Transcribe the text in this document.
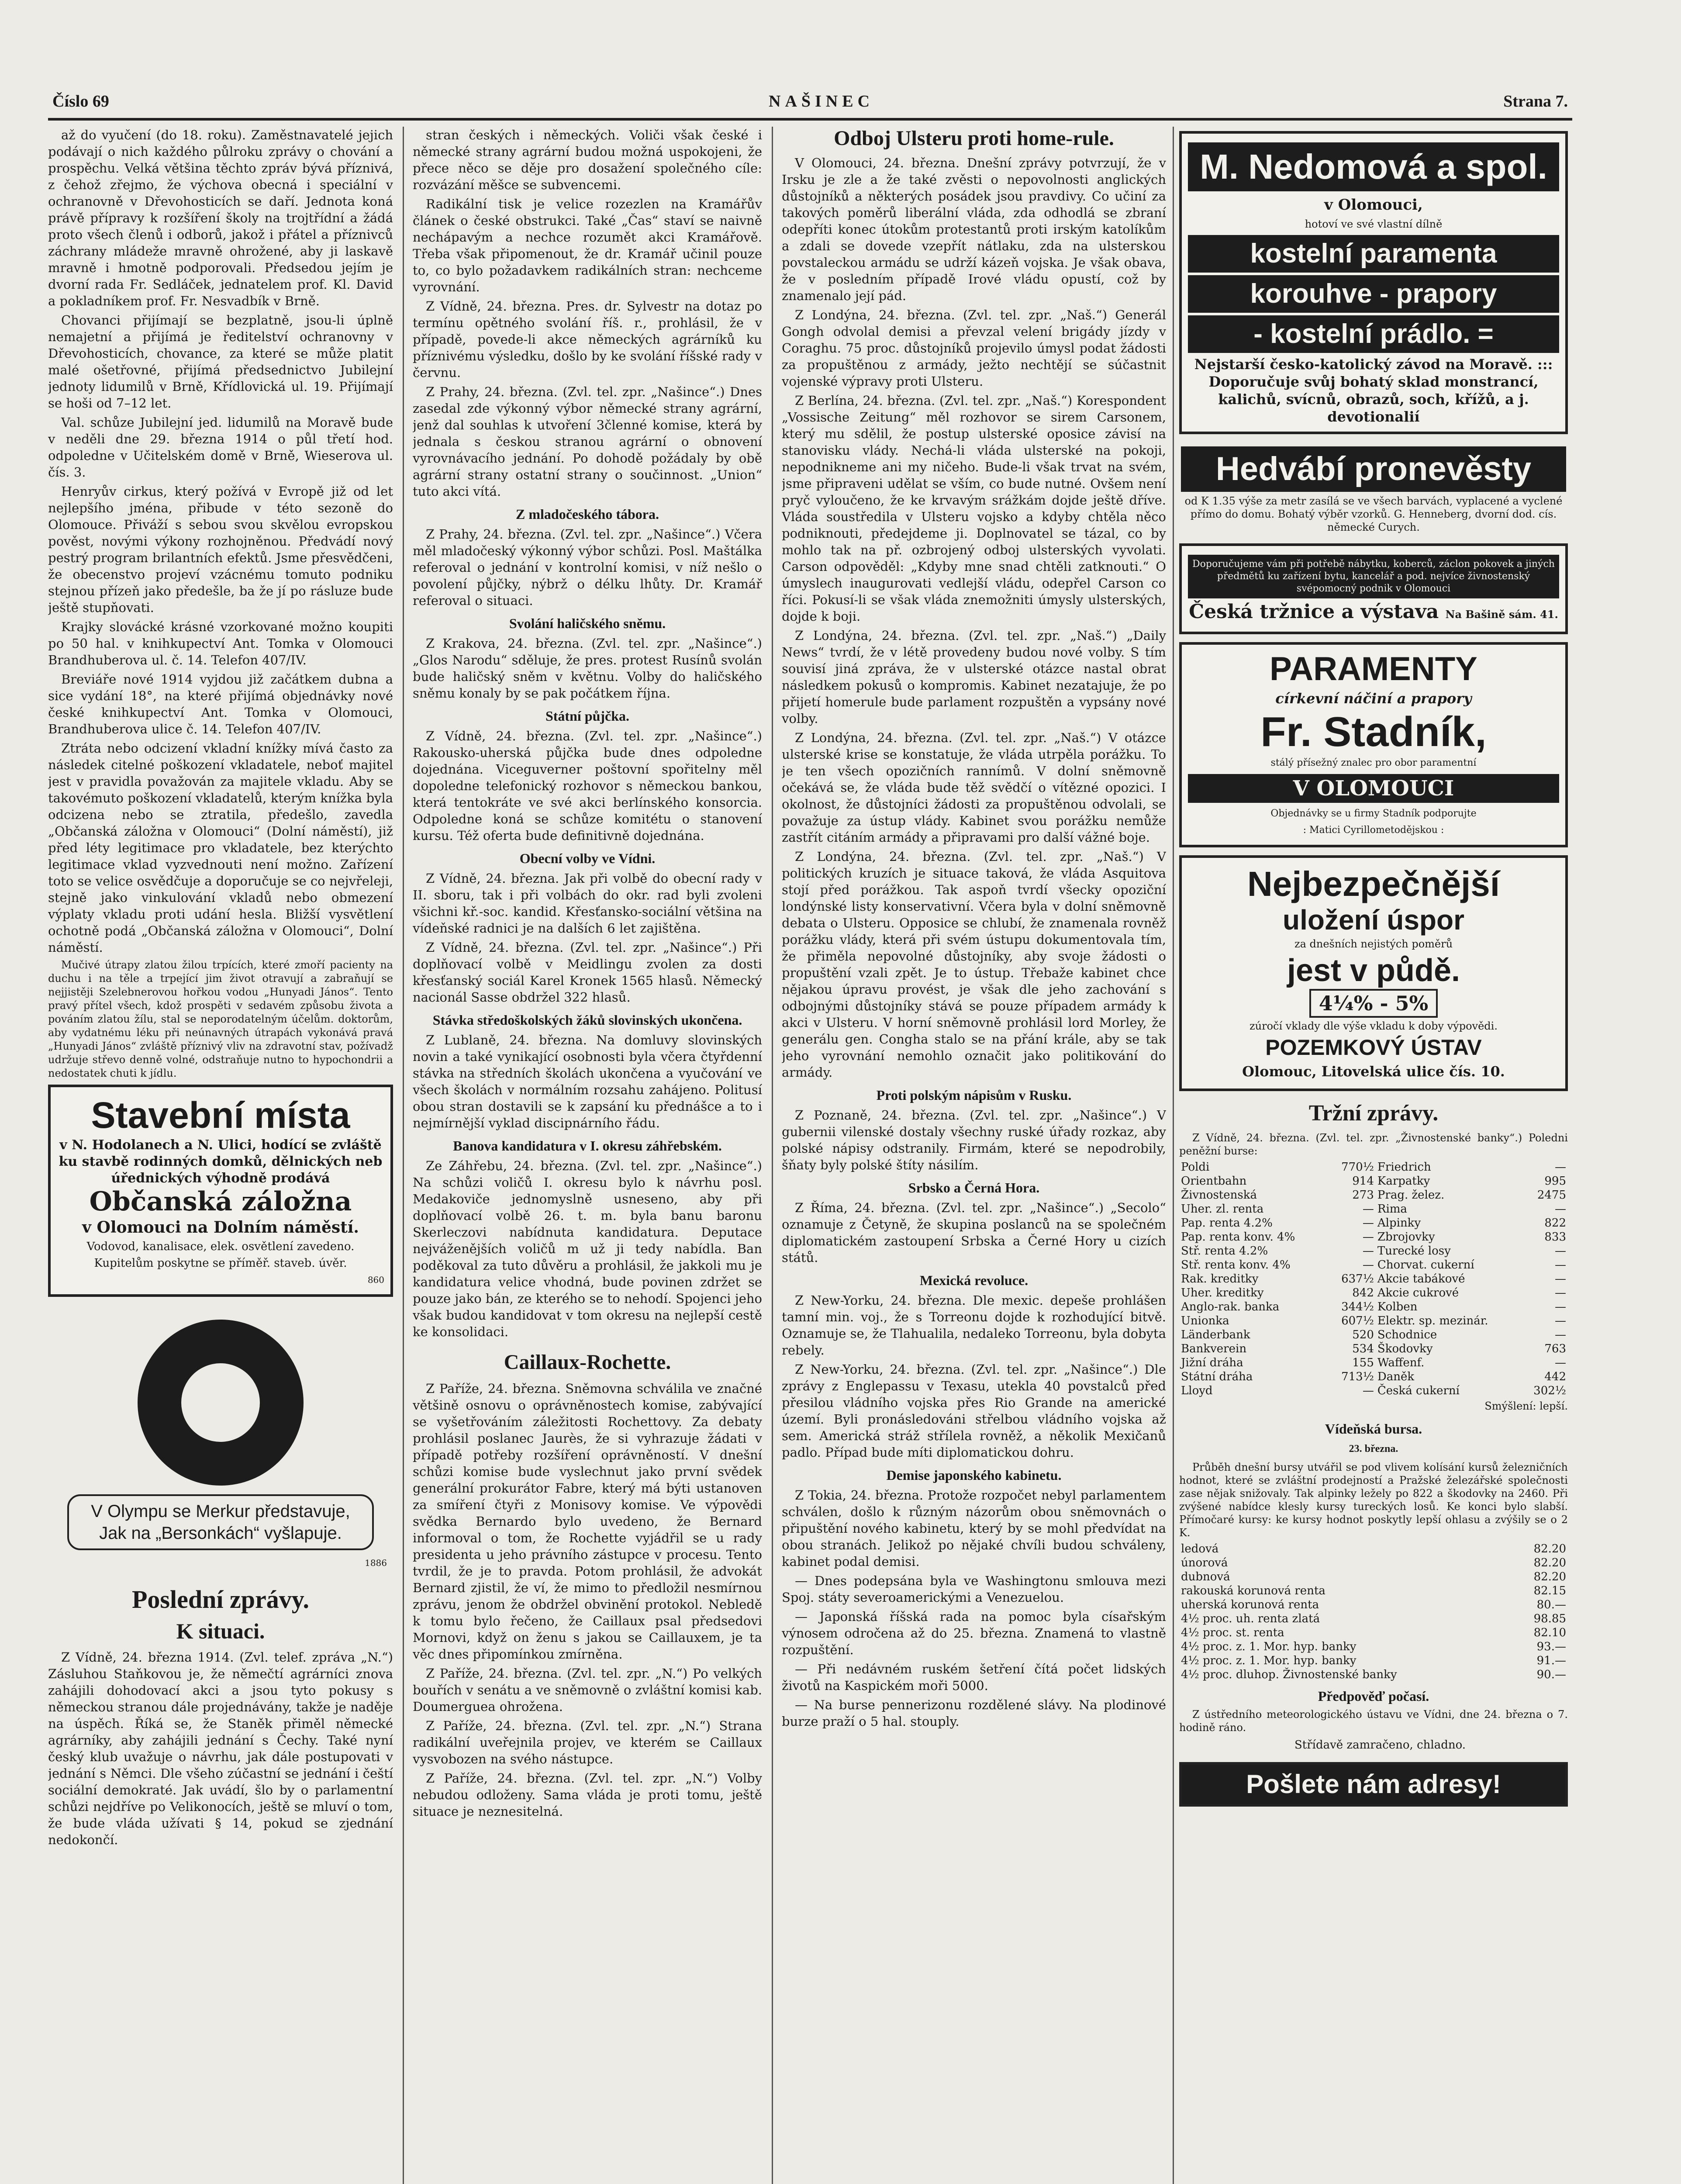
Číslo 69	NAŠINEC	Strana 7.

až do vyučení (do 18. roku). Zaměstnavatelé jejich podávají o nich každého půlroku zprávy o chování a prospěchu. Velká většina těchto zpráv bývá příznivá, z čehož zřejmo, že výchova obecná i speciální v ochranovně v Dřevohosticích se daří. Jednota koná právě přípravy k rozšíření školy na trojtřídní a žádá proto všech členů i odborů, jakož i přátel a příznivců záchrany mládeže mravně ohrožené, aby ji laskavě mravně i hmotně podporovali. Předsedou jejím je dvorní rada Fr. Sedláček, jednatelem prof. Kl. David a pokladníkem prof. Fr. Nesvadbík v Brně.

Chovanci přijímají se bezplatně, jsou-li úplně nemajetní a přijímá je ředitelství ochranovny v Dřevohosticích, chovance, za které se může platit malé ošetřovné, přijímá předsednictvo Jubilejní jednoty lidumilů v Brně, Křídlovická ul. 19. Přijímají se hoši od 7–12 let.

Val. schůze Jubilejní jed. lidumilů na Moravě bude v neděli dne 29. března 1914 o půl třetí hod. odpoledne v Učitelském domě v Brně, Wieserova ul. čís. 3.

Henryův cirkus, který požívá v Evropě již od let nejlepšího jména, přibude v této sezoně do Olomouce. Přiváží s sebou svou skvělou evropskou pověst, novými výkony rozhojněnou. Předvádí nový pestrý program brilantních efektů. Jsme přesvědčeni, že obecenstvo projeví vzácnému tomuto podniku stejnou přízeň jako předešle, ba že jí po rásluze bude ještě stupňovati.

Krajky slovácké krásné vzorkované možno koupiti po 50 hal. v knihkupectví Ant. Tomka v Olomouci Brandhuberova ul. č. 14. Telefon 407/IV.

Breviáře nové 1914 vyjdou již začátkem dubna a sice vydání 18°, na které přijímá objednávky nové české knihkupectví Ant. Tomka v Olomouci, Brandhuberova ulice č. 14. Telefon 407/IV.

Ztráta nebo odcizení vkladní knížky mívá často za následek citelné poškození vkladatele, neboť majitel jest v pravidla považován za majitele vkladu. Aby se takovémuto poškození vkladatelů, kterým knížka byla odcizena nebo se ztratila, předešlo, zavedla „Občanská záložna v Olomouci“ (Dolní náměstí), již před léty legitimace pro vkladatele, bez kterýchto legitimace vklad vyzvednouti není možno. Zařízení toto se velice osvědčuje a doporučuje se co nejvřeleji, stejně jako vinkulování vkladů nebo obmezení výplaty vkladu proti udání hesla. Bližší vysvětlení ochotně podá „Občanská záložna v Olomouci“, Dolní náměstí.

Mučivé útrapy zlatou žilou trpících, které zmoří pacienty na duchu i na těle a trpející jim život otravují a zabraňují se nejjistěji Szelebnerovou hořkou vodou „Hunyadi János“. Tento pravý přítel všech, kdož prospěti v sedavém způsobu života a pováním zlatou žílu, stal se neporodatelným účelům. doktorům, aby vydatnému léku při neúnavných útrapách vykonává pravá „Hunyadi János“ zvláště příznivý vliv na zdravotní stav, požívadž udržuje střevo denně volné, odstraňuje nutno to hypochondrii a nedostatek chuti k jídlu.

Stavební místa
v N. Hodolanech a N. Ulici, hodící se zvláště ku stavbě rodinných domků, dělnických neb úřednických výhodně prodává
Občanská záložna
v Olomouci na Dolním náměstí.
Vodovod, kanalisace, elek. osvětlení zavedeno. Kupitelům poskytne se příměř. staveb. úvěr.
860
V Olympu se Merkur představuje,
Jak na „Bersonkách“ vyšlapuje.
1886
Poslední zprávy.
K situaci.

Z Vídně, 24. března 1914. (Zvl. telef. zpráva „N.“) Zásluhou Staňkovou je, že němečtí agrárníci znova zahájili dohodovací akci a jsou tyto pokusy s německou stranou dále projednávány, takže je naděje na úspěch. Říká se, že Staněk přiměl německé agrárníky, aby zahájili jednání s Čechy. Také nyní český klub uvažuje o návrhu, jak dále postupovati v jednání s Němci. Dle všeho zúčastní se jednání i čeští sociální demokraté. Jak uvádí, šlo by o parlamentní schůzi nejdříve po Velikonocích, ještě se mluví o tom, že bude vláda užívati § 14, pokud se zjednání nedokončí.

stran českých i německých. Voliči však české i německé strany agrární budou možná uspokojeni, že přece něco se děje pro dosažení společného cíle: rozvázání měšce se subvencemi.

Radikální tisk je velice rozezlen na Kramářův článek o české obstrukci. Také „Čas“ staví se naivně nechápavým a nechce rozumět akci Kramářově. Třeba však připomenout, že dr. Kramář učinil pouze to, co bylo požadavkem radikálních stran: nechceme vyrovnání.

Z Vídně, 24. března. Pres. dr. Sylvestr na dotaz po termínu opětného svolání říš. r., prohlásil, že v případě, povede-li akce německých agrárníků ku příznivému výsledku, došlo by ke svolání říšské rady v červnu.

Z Prahy, 24. března. (Zvl. tel. zpr. „Našince“.) Dnes zasedal zde výkonný výbor německé strany agrární, jenž dal souhlas k utvoření 3členné komise, která by jednala s českou stranou agrární o obnovení vyrovnávacího jednání. Po dohodě požádaly by obě agrární strany ostatní strany o součinnost. „Union“ tuto akci vítá.

Z mladočeského tábora.

Z Prahy, 24. března. (Zvl. tel. zpr. „Našince“.) Včera měl mladočeský výkonný výbor schůzi. Posl. Maštálka referoval o jednání v kontrolní komisi, v níž nešlo o povolení půjčky, nýbrž o délku lhůty. Dr. Kramář referoval o situaci.

Svolání haličského sněmu.

Z Krakova, 24. března. (Zvl. tel. zpr. „Našince“.) „Glos Narodu“ sděluje, že pres. protest Rusínů svolán bude haličský sněm v květnu. Volby do haličského sněmu konaly by se pak počátkem října.

Státní půjčka.

Z Vídně, 24. března. (Zvl. tel. zpr. „Našince“.) Rakousko-uherská půjčka bude dnes odpoledne dojednána. Viceguverner poštovní spořitelny měl dopoledne telefonický rozhovor s německou bankou, která tentokráte ve své akci berlínského konsorcia. Odpoledne koná se schůze komitétu o stanovení kursu. Též oferta bude definitivně dojednána.

Obecní volby ve Vídni.

Z Vídně, 24. března. Jak při volbě do obecní rady v II. sboru, tak i při volbách do okr. rad byli zvoleni všichni kř.-soc. kandid. Křesťansko-sociální většina na vídeňské radnici je na dalších 6 let zajištěna.

Z Vídně, 24. března. (Zvl. tel. zpr. „Našince“.) Při doplňovací volbě v Meidlingu zvolen za dosti křesťanský sociál Karel Kronek 1565 hlasů. Německý nacionál Sasse obdržel 322 hlasů.

Stávka středoškolských žáků slovinských ukončena.

Z Lublaně, 24. března. Na domluvy slovinských novin a také vynikající osobnosti byla včera čtyřdenní stávka na středních školách ukončena a vyučování ve všech školách v normálním rozsahu zahájeno. Politusí obou stran dostavili se k zapsání ku přednášce a to i nejmírnější vyklad discipnárního řádu.

Banova kandidatura v I. okresu záhřebském.

Ze Záhřebu, 24. března. (Zvl. tel. zpr. „Našince“.) Na schůzi voličů I. okresu bylo k návrhu posl. Medakoviče jednomyslně usneseno, aby při doplňovací volbě 26. t. m. byla banu baronu Skerleczovi nabídnuta kandidatura. Deputace nejváženějších voličů m už ji tedy nabídla. Ban poděkoval za tuto důvěru a prohlásil, že jakkoli mu je kandidatura velice vhodná, bude povinen zdržet se pouze jako bán, ze kterého se to nehodí. Spojenci jeho však budou kandidovat v tom okresu na nejlepší cestě ke konsolidaci.

Caillaux-Rochette.

Z Paříže, 24. března. Sněmovna schválila ve značné většině osnovu o oprávněnostech komise, zabývající se vyšetřováním záležitosti Rochettovy. Za debaty prohlásil poslanec Jaurès, že si vyhrazuje žádati v případě potřeby rozšíření oprávněností. V dnešní schůzi komise bude vyslechnut jako první svědek generální prokurátor Fabre, který má býti ustanoven za smíření čtyři z Monisovy komise. Ve výpovědi svědka Bernardo bylo uvedeno, že Bernard informoval o tom, že Rochette vyjádřil se u rady presidenta u jeho právního zástupce v procesu. Tento tvrdil, že je to pravda. Potom prohlásil, že advokát Bernard zjistil, že ví, že mimo to předložil nesmírnou zprávu, jenom že obdržel obvinění protokol. Nebledě k tomu bylo řečeno, že Caillaux psal předsedovi Mornovi, když on ženu s jakou se Caillauxem, je ta věc dnes připomínkou zmírněna.

Z Paříže, 24. března. (Zvl. tel. zpr. „N.“) Po velkých bouřích v senátu a ve sněmovně o zvláštní komisi kab. Doumerguea ohrožena.

Z Paříže, 24. března. (Zvl. tel. zpr. „N.“) Strana radikální uveřejnila projev, ve kterém se Caillaux vysvobozen na svého nástupce.

Z Paříže, 24. března. (Zvl. tel. zpr. „N.“) Volby nebudou odloženy. Sama vláda je proti tomu, ještě situace je neznesitelná.

Odboj Ulsteru proti home-rule.

V Olomouci, 24. března. Dnešní zprávy potvrzují, že v Irsku je zle a že také zvěsti o nepovolnosti anglických důstojníků a některých posádek jsou pravdivy. Co učiní za takových poměrů liberální vláda, zda odhodlá se zbraní odepříti konec útokům protestantů proti irským katolíkům a zdali se dovede vzepřít nátlaku, zda na ulsterskou povstaleckou armádu se udrží kázeň vojska. Je však obava, že v posledním případě Irové vládu opustí, což by znamenalo její pád.

Z Londýna, 24. března. (Zvl. tel. zpr. „Naš.“) Generál Gongh odvolal demisi a převzal velení brigády jízdy v Coraghu. 75 proc. důstojníků projevilo úmysl podat žádosti za propuštěnou z armády, ježto nechtějí se súčastnit vojenské výpravy proti Ulsteru.

Z Berlína, 24. března. (Zvl. tel. zpr. „Naš.“) Korespondent „Vossische Zeitung“ měl rozhovor se sirem Carsonem, který mu sdělil, že postup ulsterské oposice závisí na stanovisku vlády. Nechá-li vláda ulsterské na pokoji, nepodnikneme ani my ničeho. Bude-li však trvat na svém, jsme připraveni udělat se vším, co bude nutné. Ovšem není pryč vyloučeno, že ke krvavým srážkám dojde ještě dříve. Vláda soustředila v Ulsteru vojsko a kdyby chtěla něco podniknouti, předejdeme ji. Doplnovatel se tázal, co by mohlo tak na př. ozbrojený odboj ulsterských vyvolati. Carson odpověděl: „Kdyby mne snad chtěli zatknouti.“ O úmyslech inaugurovati vedlejší vládu, odepřel Carson co říci. Pokusí-li se však vláda znemožniti úmysly ulsterských, dojde k boji.

Z Londýna, 24. března. (Zvl. tel. zpr. „Naš.“) „Daily News“ tvrdí, že v létě provedeny budou nové volby. S tím souvisí jiná zpráva, že v ulsterské otázce nastal obrat následkem pokusů o kompromis. Kabinet nezatajuje, že po přijetí homerule bude parlament rozpuštěn a vypsány nové volby.

Z Londýna, 24. března. (Zvl. tel. zpr. „Naš.“) V otázce ulsterské krise se konstatuje, že vláda utrpěla porážku. To je ten všech opozičních rannímů. V dolní sněmovně očekává se, že vláda bude těž svědčí o vítězné opozici. I okolnost, že důstojníci žádosti za propuštěnou odvolali, se považuje za ústup vlády. Kabinet svou porážku nemůže zastřít citáním armády a připravami pro další vážné boje.

Z Londýna, 24. března. (Zvl. tel. zpr. „Naš.“) V politických kruzích je situace taková, že vláda Asquitova stojí před porážkou. Tak aspoň tvrdí všecky opoziční londýnské listy konservativní. Včera byla v dolní sněmovně debata o Ulsteru. Opposice se chlubí, že znamenala rovněž porážku vlády, která při svém ústupu dokumentovala tím, že přiměla nepovolné důstojníky, aby svoje žádosti o propuštění vzali zpět. Je to ústup. Třebaže kabinet chce nějakou úpravu provést, je však dle jeho zachování s odbojnými důstojníky stává se pouze případem armády k akci v Ulsteru. V horní sněmovně prohlásil lord Morley, že generálu gen. Congha stalo se na přání krále, aby se tak jeho vyrovnání nemohlo označit jako politikování do armády.

Proti polským nápisům v Rusku.

Z Poznaně, 24. března. (Zvl. tel. zpr. „Našince“.) V gubernii vilenské dostaly všechny ruské úřady rozkaz, aby polské nápisy odstranily. Firmám, které se nepodrobily, šňaty byly polské štíty násilím.

Srbsko a Černá Hora.

Z Říma, 24. března. (Zvl. tel. zpr. „Našince“.) „Secolo“ oznamuje z Četyně, že skupina poslanců na se společném diplomatickém zastoupení Srbska a Černé Hory u cizích států.

Mexická revoluce.

Z New-Yorku, 24. března. Dle mexic. depeše prohlášen tamní min. voj., že s Torreonu dojde k rozhodující bitvě. Oznamuje se, že Tlahualila, nedaleko Torreonu, byla dobyta rebely.

Z New-Yorku, 24. března. (Zvl. tel. zpr. „Našince“.) Dle zprávy z Englepassu v Texasu, utekla 40 povstalců před přesilou vládního vojska přes Rio Grande na americké území. Byli pronásledováni střelbou vládního vojska až sem. Americká stráž střílela rovněž, a několik Mexičanů padlo. Případ bude míti diplomatickou dohru.

Demise japonského kabinetu.

Z Tokia, 24. března. Protože rozpočet nebyl parlamentem schválen, došlo k různým názorům obou sněmovnách o připuštění nového kabinetu, který by se mohl předvídat na obou stranách. Jelikož po nějaké chvíli budou schváleny, kabinet podal demisi.

— Dnes podepsána byla ve Washingtonu smlouva mezi Spoj. státy severoamerickými a Venezuelou.

— Japonská říšská rada na pomoc byla císařským výnosem odročena až do 25. března. Znamená to vlastně rozpuštění.

— Při nedávném ruském šetření čítá počet lidských životů na Kaspickém moři 5000.

— Na burse pennerizonu rozdělené slávy. Na plodinové burze praží o 5 hal. stouply.

M. Nedomová a spol.
v Olomouci,
hotoví ve své vlastní dílně
kostelní paramenta
korouhve - prapory
- kostelní prádlo. =
Nejstarší česko-katolický závod na Moravě. ::: Doporučuje svůj bohatý sklad monstrancí, kalichů, svícnů, obrazů, soch, křížů, a j. devotionalií
Hedvábí pronevěsty
od K 1.35 výše za metr zasílá se ve všech barvách, vyplacené a vyclené přímo do domu. Bohatý výběr vzorků. G. Henneberg, dvorní dod. cís. německé Curych.
Doporučujeme vám při potřebě nábytku, koberců, záclon pokovek a jiných předmětů ku zařízení bytu, kancelář a pod. nejvíce živnostenský svépomocný podnik v Olomouci
Česká tržnice a výstava Na Bašině sám. 41.
PARAMENTY
církevní náčiní a prapory
Fr. Stadník,
stálý přísežný znalec pro obor paramentní
V OLOMOUCI
Objednávky se u firmy Stadník podporujte
: Matici Cyrillometodějskou :
Nejbezpečnější
uložení úspor
za dnešních nejistých poměrů
jest v půdě.
4¼% - 5%
zúročí vklady dle výše vkladu k doby výpovědi.
POZEMKOVÝ ÚSTAV
Olomouc, Litovelská ulice čís. 10.
Tržní zprávy.

Z Vídně, 24. března. (Zvl. tel. zpr. „Živnostenské banky“.) Poledni peněžní burse:

Poldi	770½	Friedrich	—
Orientbahn	914	Karpatky	995
Živnostenská	273	Prag. želez.	2475
Uher. zl. renta	—	Rima	—
Pap. renta 4.2%	—	Alpinky	822
Pap. renta konv. 4%	—	Zbrojovky	833
Stř. renta 4.2%	—	Turecké losy	—
Stř. renta konv. 4%	—	Chorvat. cukerní	—
Rak. kreditky	637½	Akcie tabákové	—
Uher. kreditky	842	Akcie cukrové	—
Anglo-rak. banka	344½	Kolben	—
Unionka	607½	Elektr. sp. mezinár.	—
Länderbank	520	Schodnice	—
Bankverein	534	Škodovky	763
Jižní dráha	155	Waffenf.	—
Státní dráha	713½	Daněk	442
Lloyd	—	Česká cukerní	302½

Smýšlení: lepší.

Vídeňská bursa.
23. března.

Průběh dnešní bursy utvářil se pod vlivem kolísání kursů železničních hodnot, které se zvláštní prodejností a Pražské železářské společnosti zase nějak snižovaly. Tak alpinky ležely po 822 a škodovky na 2460. Při zvýšené nabídce klesly kursy tureckých losů. Ke konci bylo slabší. Přímočaré kursy: ke kursy hodnot poskytly lepší ohlasu a zvýšily se o 2 K.

ledová	82.20
únorová	82.20
dubnová	82.20
rakouská korunová renta	82.15
uherská korunová renta	80.—
4½ proc. uh. renta zlatá	98.85
4½ proc. st. renta	82.10
4½ proc. z. 1. Mor. hyp. banky	93.—
4½ proc. z. 1. Mor. hyp. banky	91.—
4½ proc. dluhop. Živnostenské banky	90.—
Předpověď počasí.

Z ústředního meteorologického ústavu ve Vídni, dne 24. března o 7. hodině ráno.

Střídavě zamračeno, chladno.

Pošlete nám adresy!
